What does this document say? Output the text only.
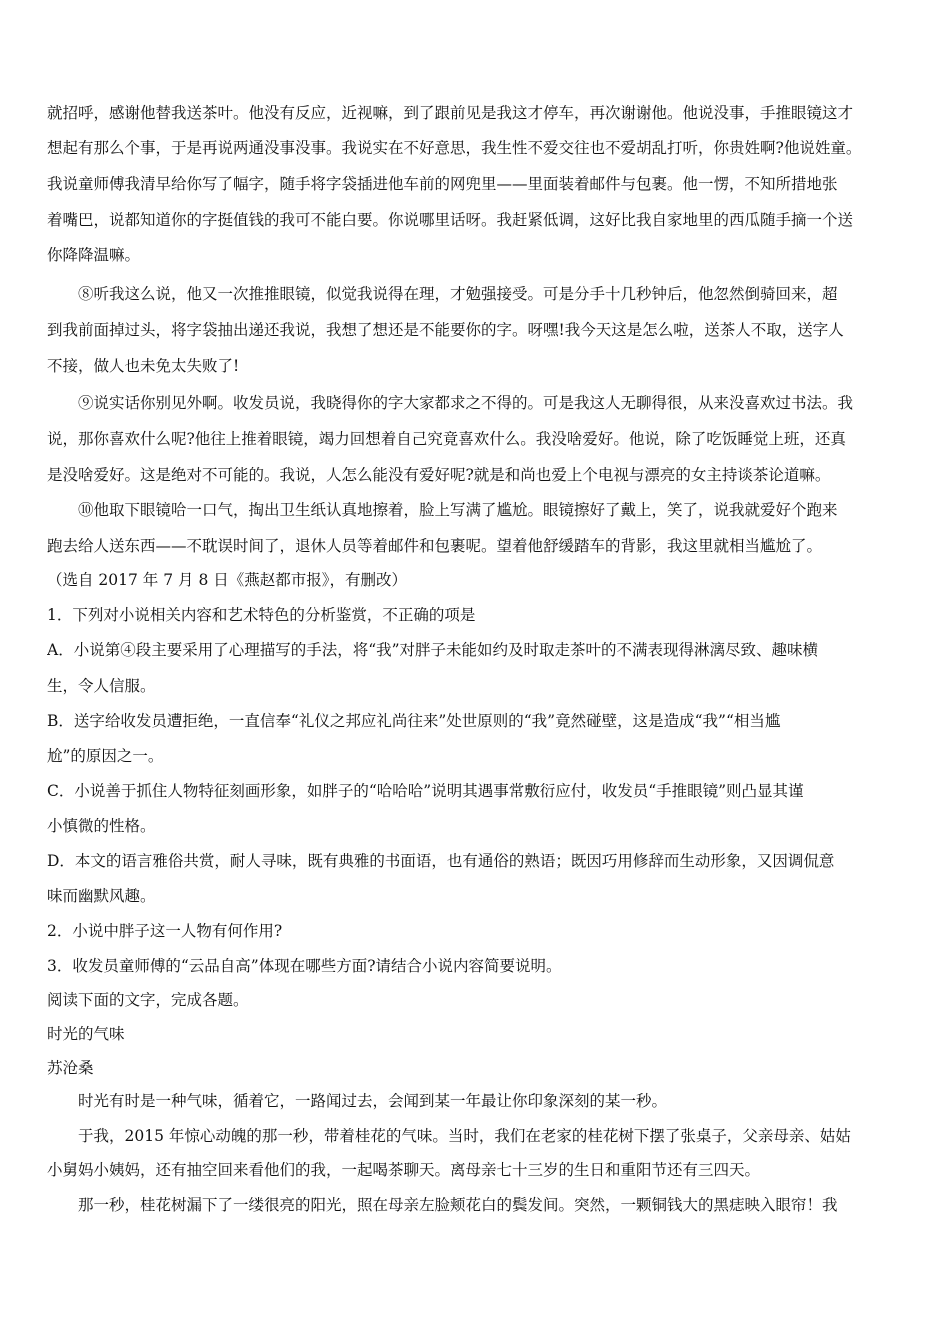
就招呼，感谢他替我送茶叶。他没有反应，近视嘛，到了跟前见是我这才停车，再次谢谢他。他说没事，手推眼镜这才
想起有那么个事，于是再说两通没事没事。我说实在不好意思，我生性不爱交往也不爱胡乱打听，你贵姓啊?他说姓童。
我说童师傅我清早给你写了幅字，随手将字袋插进他车前的网兜里——里面装着邮件与包裹。他一愣，不知所措地张
着嘴巴，说都知道你的字挺值钱的我可不能白要。你说哪里话呀。我赶紧低调，这好比我自家地里的西瓜随手摘一个送
你降降温嘛。
⑧听我这么说，他又一次推推眼镜，似觉我说得在理，才勉强接受。可是分手十几秒钟后，他忽然倒骑回来，超
到我前面掉过头，将字袋抽出递还我说，我想了想还是不能要你的字。呀嘿!我今天这是怎么啦，送茶人不取，送字人
不接，做人也未免太失败了!
⑨说实话你别见外啊。收发员说，我晓得你的字大家都求之不得的。可是我这人无聊得很，从来没喜欢过书法。我
说，那你喜欢什么呢?他往上推着眼镜，竭力回想着自己究竟喜欢什么。我没啥爱好。他说，除了吃饭睡觉上班，还真
是没啥爱好。这是绝对不可能的。我说，人怎么能没有爱好呢?就是和尚也爱上个电视与漂亮的女主持谈茶论道嘛。
⑩他取下眼镜哈一口气，掏出卫生纸认真地擦着，脸上写满了尴尬。眼镜擦好了戴上，笑了，说我就爱好个跑来
跑去给人送东西——不耽误时间了，退休人员等着邮件和包裹呢。望着他舒缓踏车的背影，我这里就相当尴尬了。
（选自 2017 年 7 月 8 日《燕赵都市报》，有删改）
1．下列对小说相关内容和艺术特色的分析鉴赏，不正确的项是
A．小说第④段主要采用了心理描写的手法，将“我”对胖子未能如约及时取走茶叶的不满表现得淋漓尽致、趣味横
生，令人信服。
B．送字给收发员遭拒绝，一直信奉“礼仪之邦应礼尚往来”处世原则的“我”竟然碰壁，这是造成“我”“相当尴
尬”的原因之一。
C．小说善于抓住人物特征刻画形象，如胖子的“哈哈哈”说明其遇事常敷衍应付，收发员“手推眼镜”则凸显其谨
小慎微的性格。
D．本文的语言雅俗共赏，耐人寻味，既有典雅的书面语，也有通俗的熟语；既因巧用修辞而生动形象，又因调侃意
味而幽默风趣。
2．小说中胖子这一人物有何作用?
3．收发员童师傅的“云品自高”体现在哪些方面?请结合小说内容简要说明。
阅读下面的文字，完成各题。
时光的气味
苏沧桑
时光有时是一种气味，循着它，一路闻过去，会闻到某一年最让你印象深刻的某一秒。
于我，2015 年惊心动魄的那一秒，带着桂花的气味。当时，我们在老家的桂花树下摆了张桌子，父亲母亲、姑姑
小舅妈小姨妈，还有抽空回来看他们的我，一起喝茶聊天。离母亲七十三岁的生日和重阳节还有三四天。
那一秒，桂花树漏下了一缕很亮的阳光，照在母亲左脸颊花白的鬓发间。突然，一颗铜钱大的黑痣映入眼帘！我
